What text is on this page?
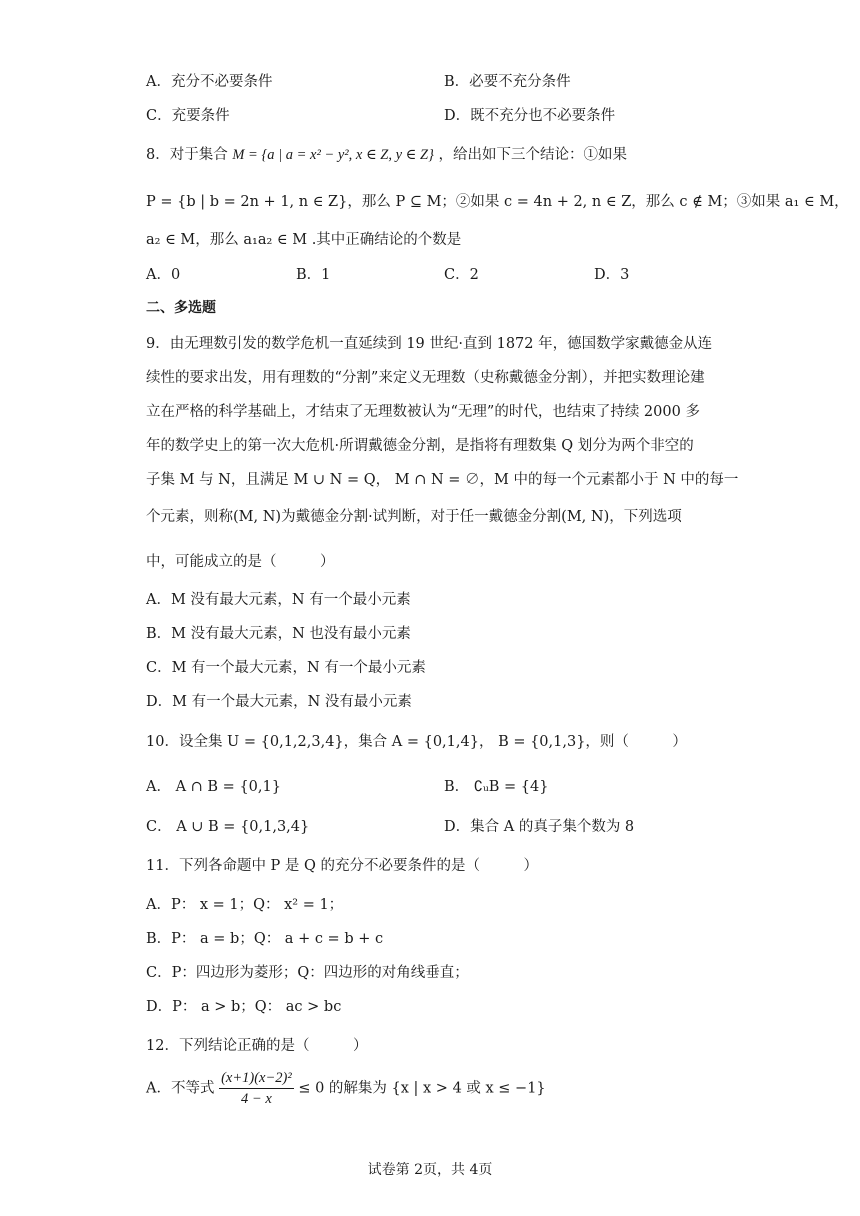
A．充分不必要条件	B．必要不充分条件
C．充要条件	D．既不充分也不必要条件
8．对于集合 M = {a | a = x² − y², x ∈ Z, y ∈ Z} ，给出如下三个结论：①如果
P = {b | b = 2n + 1, n ∈ Z}，那么 P ⊆ M；②如果 c = 4n + 2, n ∈ Z，那么 c ∉ M；③如果 a₁ ∈ M，
a₂ ∈ M，那么 a₁a₂ ∈ M .其中正确结论的个数是
A．0	B．1	C．2	D．3
二、多选题
9．由无理数引发的数学危机一直延续到 19 世纪·直到 1872 年，德国数学家戴德金从连
续性的要求出发，用有理数的“分割”来定义无理数（史称戴德金分割），并把实数理论建
立在严格的科学基础上，才结束了无理数被认为“无理”的时代，也结束了持续 2000 多
年的数学史上的第一次大危机·所谓戴德金分割，是指将有理数集 Q 划分为两个非空的
子集 M 与 N，且满足 M ∪ N = Q， M ∩ N = ∅，M 中的每一个元素都小于 N 中的每一
个元素，则称(M, N)为戴德金分割·试判断，对于任一戴德金分割(M, N)，下列选项
中，可能成立的是（　　　）
A．M 没有最大元素，N 有一个最小元素
B．M 没有最大元素，N 也没有最小元素
C．M 有一个最大元素，N 有一个最小元素
D．M 有一个最大元素，N 没有最小元素
10．设全集 U = {0,1,2,3,4}，集合 A = {0,1,4}， B = {0,1,3}，则（　　　）
A． A ∩ B = {0,1}	B． ∁ᵤB = {4}
C． A ∪ B = {0,1,3,4}	D．集合 A 的真子集个数为 8
11．下列各命题中 P 是 Q 的充分不必要条件的是（　　　）
A．P： x = 1；Q： x² = 1；
B．P： a = b；Q： a + c = b + c
C．P：四边形为菱形；Q：四边形的对角线垂直；
D．P： a > b；Q： ac > bc
12．下列结论正确的是（　　　）
A．不等式 $\frac{\text{(x+1)(x−2)²}}{4 - x} \le 0$ 的解集为 {x | x > 4 或 x ≤ −1}
试卷第 2页，共 4页
